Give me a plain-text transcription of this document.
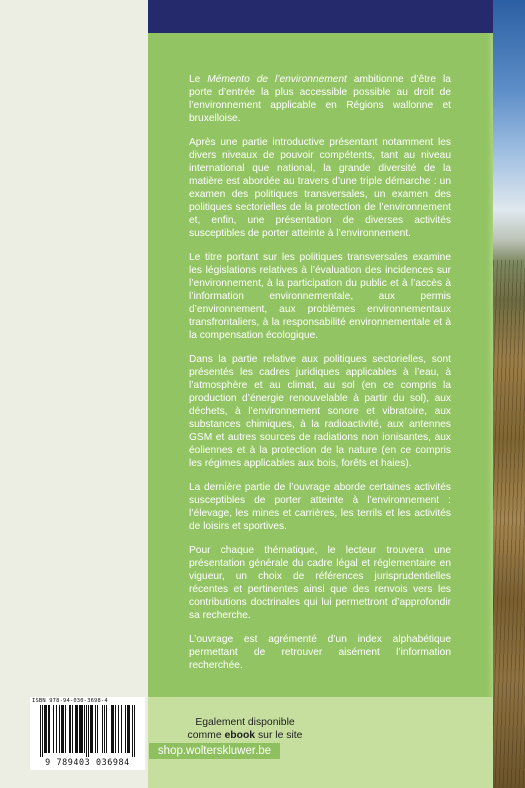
Le Mémento de l’environnement ambitionne d’être la porte d’entrée la plus accessible possible au droit de l’environnement applicable en Régions wallonne et bruxelloise.

Après une partie introductive présentant notamment les divers niveaux de pouvoir compétents, tant au niveau international que national, la grande diversité de la matière est abordée au travers d’une triple démarche : un examen des politiques transversales, un examen des politiques sectorielles de la protection de l’environnement et, enfin, une présentation de diverses activités susceptibles de porter atteinte à l’environnement.

Le titre portant sur les politiques transversales examine les législations relatives à l’évaluation des incidences sur l’environnement, à la participation du public et à l’accès à l’information environnementale, aux permis d’environnement, aux problèmes environnementaux transfrontaliers, à la responsabilité environnementale et à la compensation écologique.

Dans la partie relative aux politiques sectorielles, sont présentés les cadres juridiques applicables à l’eau, à l’atmosphère et au climat, au sol (en ce compris la production d’énergie renouvelable à partir du sol), aux déchets, à l’environnement sonore et vibratoire, aux substances chimiques, à la radioactivité, aux antennes GSM et autres sources de radiations non ionisantes, aux éoliennes et à la protection de la nature (en ce compris les régimes applicables aux bois, forêts et haies).

La dernière partie de l’ouvrage aborde certaines activités susceptibles de porter atteinte à l’environnement : l’élevage, les mines et carrières, les terrils et les activités de loisirs et sportives.

Pour chaque thématique, le lecteur trouvera une présentation générale du cadre légal et réglementaire en vigueur, un choix de références jurisprudentielles récentes et pertinentes ainsi que des renvois vers les contributions doctrinales qui lui permettront d’approfondir sa recherche.

L’ouvrage est agrémenté d’un index alphabétique permettant de retrouver aisément l’information recherchée.

ISBN 978-94-030-3698-4
9 789403 036984
Egalement disponible
comme ebook sur le site
shop.wolterskluwer.be
